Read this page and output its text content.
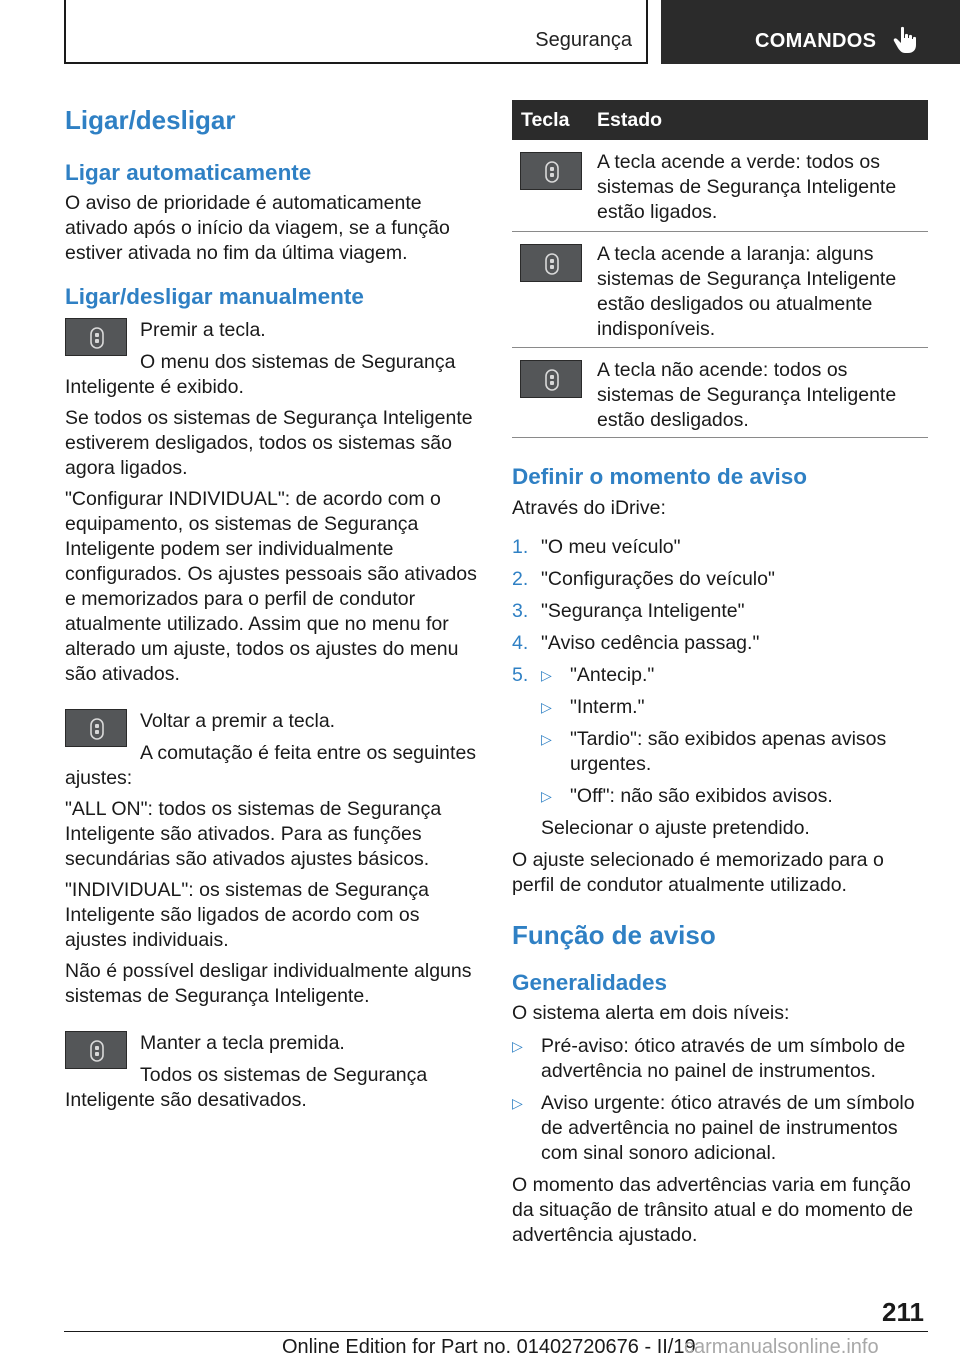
Segurança	COMANDOS
Ligar/desligar
Ligar automaticamente

O aviso de prioridade é automaticamente ativado após o início da viagem, se a função estiver ativada no fim da última viagem.

Ligar/desligar manualmente

Premir a tecla.

O menu dos sistemas de Segurança Inteligente é exibido.

Se todos os sistemas de Segurança Inteligente estiverem desligados, todos os sistemas são agora ligados.

"Configurar INDIVIDUAL": de acordo com o equipamento, os sistemas de Segurança Inteligente podem ser individualmente configurados. Os ajustes pessoais são ativados e memorizados para o perfil de condutor atualmente utilizado. Assim que no menu for alterado um ajuste, todos os ajustes do menu são ativados.

Voltar a premir a tecla.

A comutação é feita entre os seguintes ajustes:

"ALL ON": todos os sistemas de Segurança Inteligente são ativados. Para as funções secundárias são ativados ajustes básicos.

"INDIVIDUAL": os sistemas de Segurança Inteligente são ligados de acordo com os ajustes individuais.

Não é possível desligar individualmente alguns sistemas de Segurança Inteligente.

Manter a tecla premida.

Todos os sistemas de Segurança Inteligente são desativados.

Tecla Estado
A tecla acende a verde: todos os sistemas de Segurança Inteligente estão ligados.
A tecla acende a laranja: alguns sistemas de Segurança Inteligente estão desligados ou atualmente indisponíveis.
A tecla não acende: todos os sistemas de Segurança Inteligente estão desligados.
Definir o momento de aviso

Através do iDrive:

1. "O meu veículo"
2. "Configurações do veículo"
3. "Segurança Inteligente"
4. "Aviso cedência passag."
5. ▷ "Antecip."
▷ "Interm."
▷ "Tardio": são exibidos apenas avisos urgentes.
▷ "Off": não são exibidos avisos.

Selecionar o ajuste pretendido.

O ajuste selecionado é memorizado para o perfil de condutor atualmente utilizado.

Função de aviso
Generalidades

O sistema alerta em dois níveis:

▷ Pré-aviso: ótico através de um símbolo de advertência no painel de instrumentos.
▷ Aviso urgente: ótico através de um símbolo de advertência no painel de instrumentos com sinal sonoro adicional.

O momento das advertências varia em função da situação de trânsito atual e do momento de advertência ajustado.

211
Online Edition for Part no. 01402720676 - II/19
carmanualsonline.info
